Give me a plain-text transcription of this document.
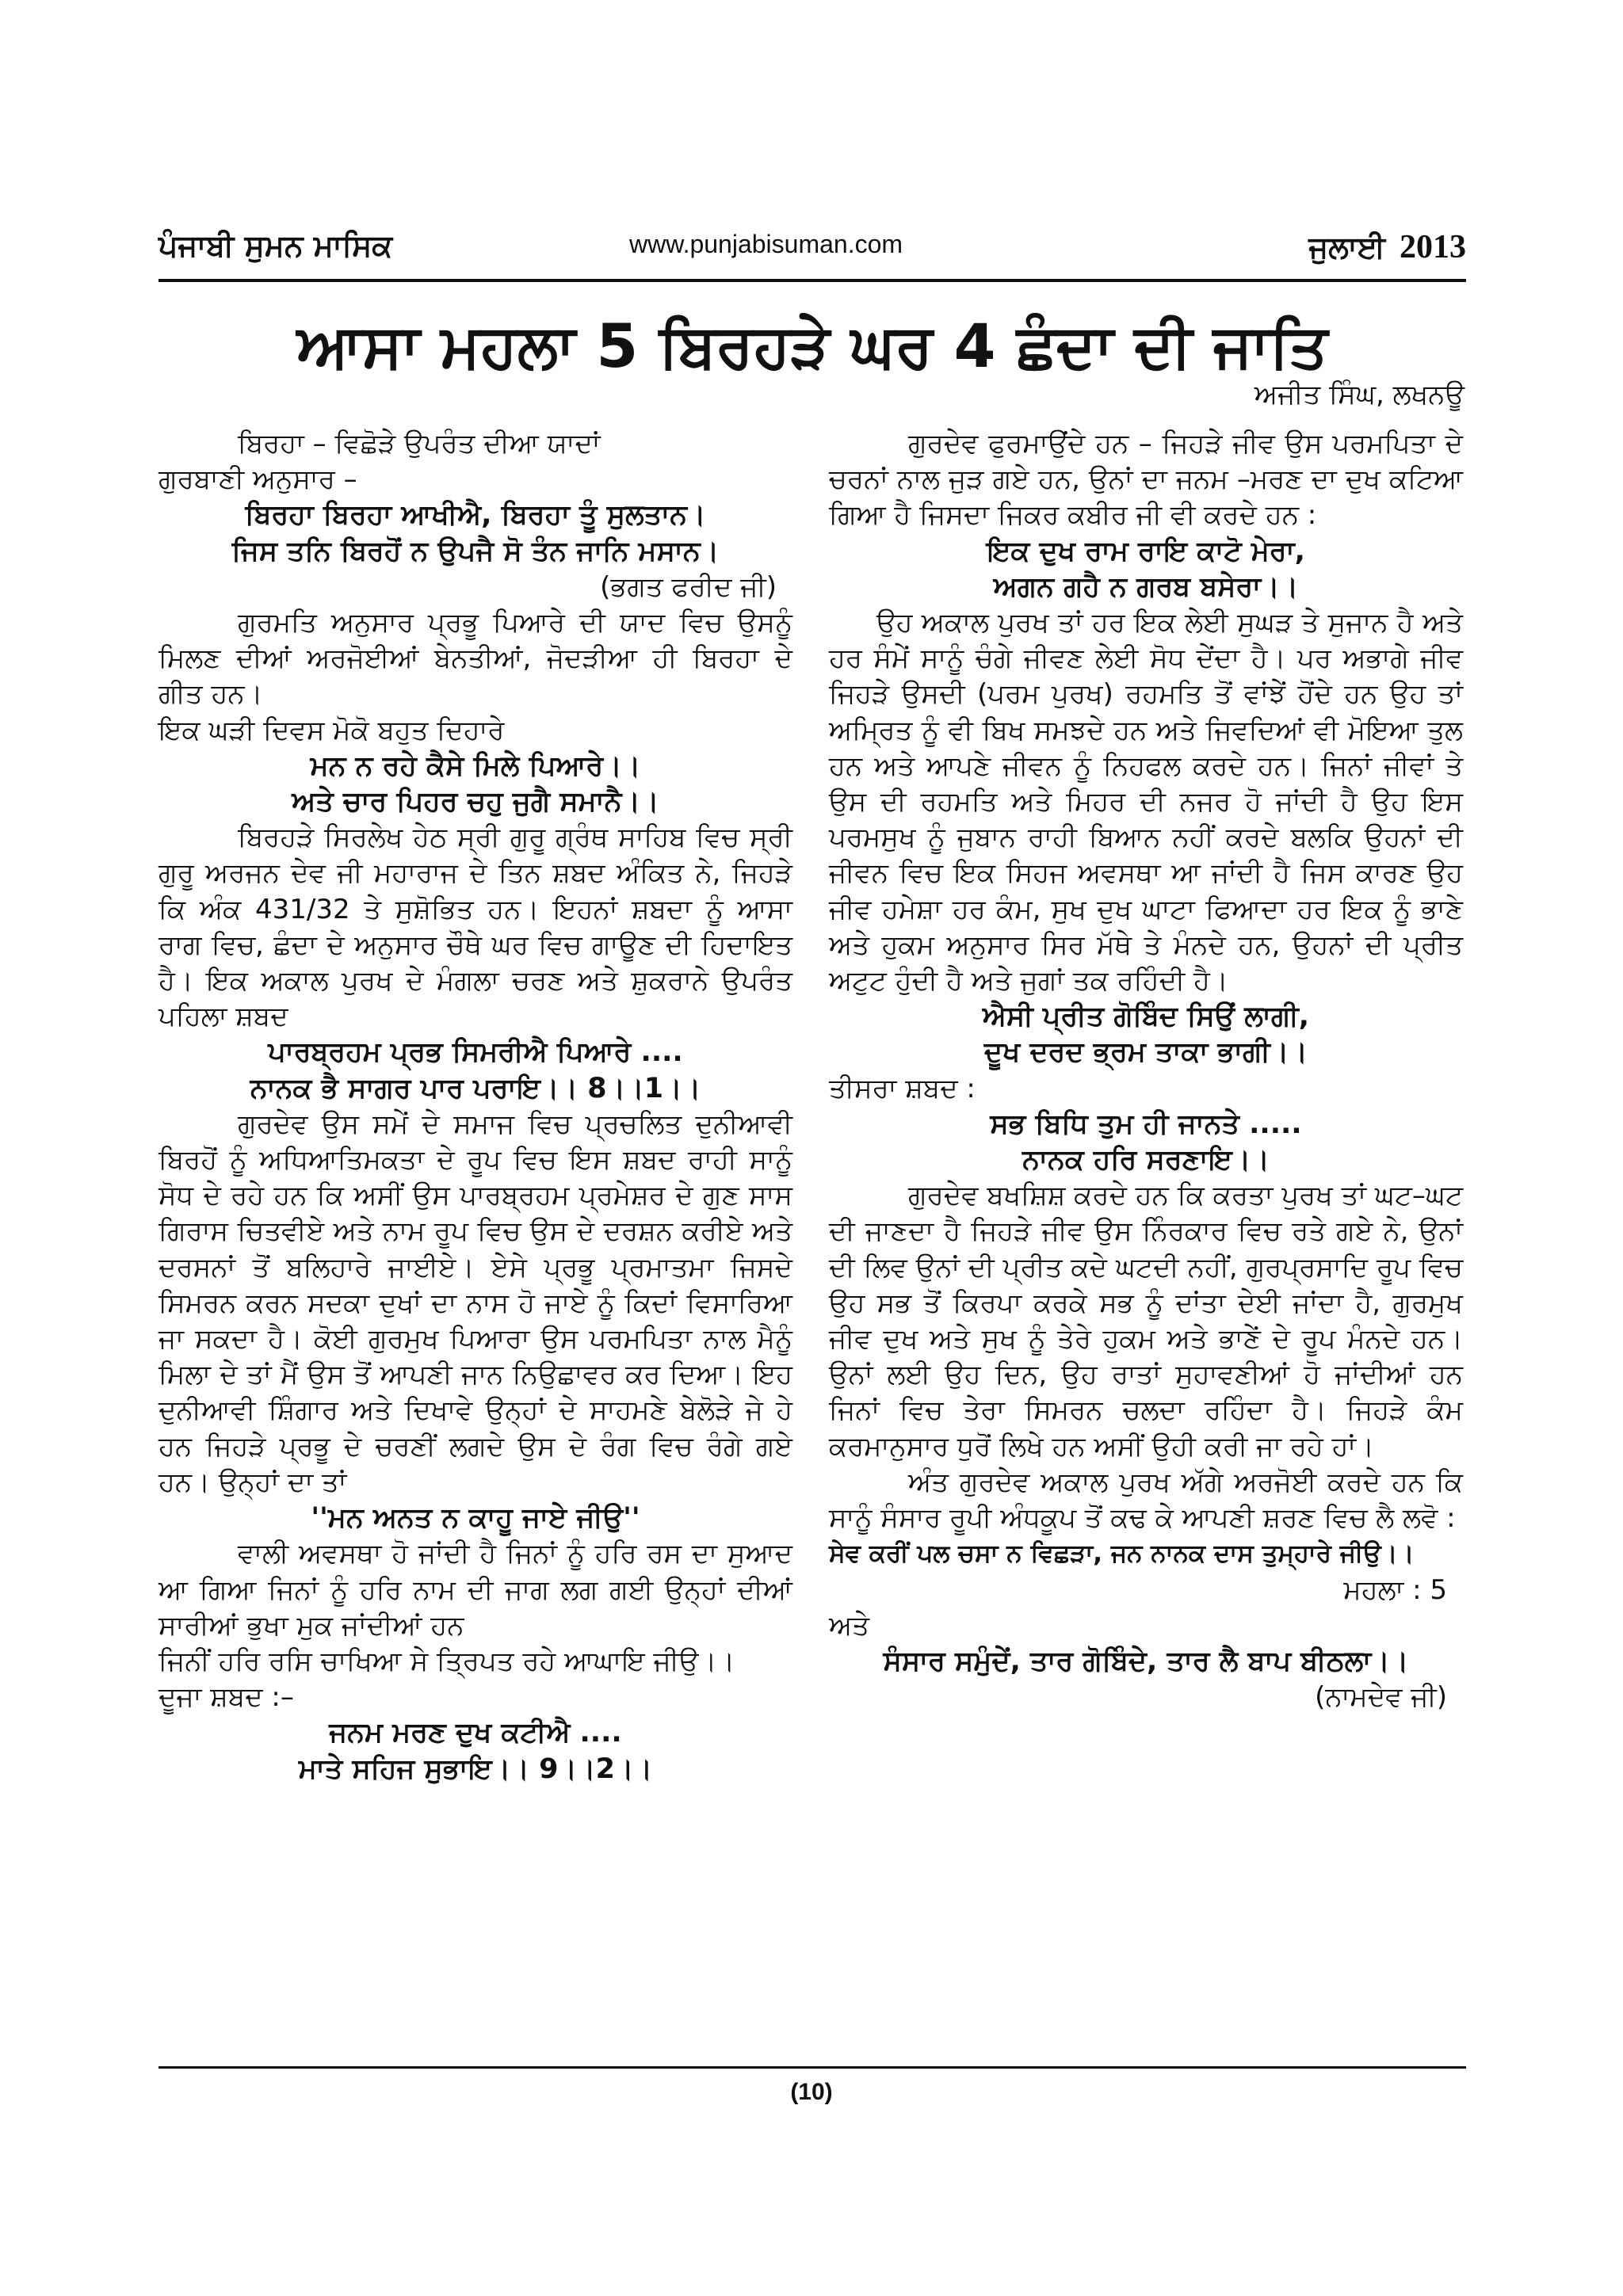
ਪੰਜਾਬੀ ਸੁਮਨ ਮਾਸਿਕ	www.punjabisuman.com	ਜੁਲਾਈ 2013
ਆਸਾ ਮਹਲਾ 5 ਬਿਰਹੜੇ ਘਰ 4 ਛੰਦਾ ਦੀ ਜਾਤਿ
ਅਜੀਤ ਸਿੰਘ, ਲਖਨਊ

ਬਿਰਹਾ – ਵਿਛੋੜੇ ਉਪਰੰਤ ਦੀਆ ਯਾਦਾਂ

ਗੁਰਬਾਣੀ ਅਨੁਸਾਰ –

ਬਿਰਹਾ ਬਿਰਹਾ ਆਖੀਐ, ਬਿਰਹਾ ਤੂੰ ਸੁਲਤਾਨ।
ਜਿਸ ਤਨਿ ਬਿਰਹੋਂ ਨ ਉਪਜੈ ਸੋ ਤੰਨ ਜਾਨਿ ਮਸਾਨ।
(ਭਗਤ ਫਰੀਦ ਜੀ)

ਗੁਰਮਤਿ ਅਨੁਸਾਰ ਪ੍ਰਭੂ ਪਿਆਰੇ ਦੀ ਯਾਦ ਵਿਚ ਉਸਨੂੰ ਮਿਲਣ ਦੀਆਂ ਅਰਜੋਈਆਂ ਬੇਨਤੀਆਂ, ਜੋਦੜੀਆ ਹੀ ਬਿਰਹਾ ਦੇ ਗੀਤ ਹਨ।

ਇਕ ਘੜੀ ਦਿਵਸ ਮੋਕੋ ਬਹੁਤ ਦਿਹਾਰੇ

ਮਨ ਨ ਰਹੇ ਕੈਸੇ ਮਿਲੇ ਪਿਆਰੇ।।
ਅਤੇ ਚਾਰ ਪਿਹਰ ਚਹੁ ਜੁਗੈ ਸਮਾਨੈ।।

ਬਿਰਹੜੇ ਸਿਰਲੇਖ ਹੇਠ ਸ੍ਰੀ ਗੁਰੂ ਗ੍ਰੰਥ ਸਾਹਿਬ ਵਿਚ ਸ੍ਰੀ ਗੁਰੂ ਅਰਜਨ ਦੇਵ ਜੀ ਮਹਾਰਾਜ ਦੇ ਤਿਨ ਸ਼ਬਦ ਅੰਕਿਤ ਨੇ, ਜਿਹੜੇ ਕਿ ਅੰਕ 431/32 ਤੇ ਸੁਸ਼ੋਭਿਤ ਹਨ। ਇਹਨਾਂ ਸ਼ਬਦਾ ਨੂੰ ਆਸਾ ਰਾਗ ਵਿਚ, ਛੰਦਾ ਦੇ ਅਨੁਸਾਰ ਚੌਥੇ ਘਰ ਵਿਚ ਗਾਊਣ ਦੀ ਹਿਦਾਇਤ ਹੈ। ਇਕ ਅਕਾਲ ਪੁਰਖ ਦੇ ਮੰਗਲਾ ਚਰਣ ਅਤੇ ਸ਼ੁਕਰਾਨੇ ਉਪਰੰਤ ਪਹਿਲਾ ਸ਼ਬਦ

ਪਾਰਬ੍ਰਹਮ ਪ੍ਰਭ ਸਿਮਰੀਐ ਪਿਆਰੇ ....
ਨਾਨਕ ਭੈ ਸਾਗਰ ਪਾਰ ਪਰਾਇ।। 8।।1।।

ਗੁਰਦੇਵ ਉਸ ਸਮੇਂ ਦੇ ਸਮਾਜ ਵਿਚ ਪ੍ਰਚਲਿਤ ਦੁਨੀਆਵੀ ਬਿਰਹੋਂ ਨੂੰ ਅਧਿਆਤਿਮਕਤਾ ਦੇ ਰੂਪ ਵਿਚ ਇਸ ਸ਼ਬਦ ਰਾਹੀ ਸਾਨੂੰ ਸੋਧ ਦੇ ਰਹੇ ਹਨ ਕਿ ਅਸੀਂ ਉਸ ਪਾਰਬ੍ਰਹਮ ਪ੍ਰਮੇਸ਼ਰ ਦੇ ਗੁਣ ਸਾਸ ਗਿਰਾਸ ਚਿਤਵੀਏ ਅਤੇ ਨਾਮ ਰੂਪ ਵਿਚ ਉਸ ਦੇ ਦਰਸ਼ਨ ਕਰੀਏ ਅਤੇ ਦਰਸਨਾਂ ਤੋਂ ਬਲਿਹਾਰੇ ਜਾਈਏ। ਏਸੇ ਪ੍ਰਭੂ ਪ੍ਰਮਾਤਮਾ ਜਿਸਦੇ ਸਿਮਰਨ ਕਰਨ ਸਦਕਾ ਦੁਖਾਂ ਦਾ ਨਾਸ ਹੋ ਜਾਏ ਨੂੰ ਕਿਦਾਂ ਵਿਸਾਰਿਆ ਜਾ ਸਕਦਾ ਹੈ। ਕੋਈ ਗੁਰਮੁਖ ਪਿਆਰਾ ਉਸ ਪਰਮਪਿਤਾ ਨਾਲ ਮੈਨੂੰ ਮਿਲਾ ਦੇ ਤਾਂ ਮੈਂ ਉਸ ਤੋਂ ਆਪਣੀ ਜਾਨ ਨਿਉਛਾਵਰ ਕਰ ਦਿਆ। ਇਹ ਦੁਨੀਆਵੀ ਸ਼ਿੰਗਾਰ ਅਤੇ ਦਿਖਾਵੇ ਉਨ੍ਹਾਂ ਦੇ ਸਾਹਮਣੇ ਬੇਲੋੜੇ ਜੇ ਹੇ ਹਨ ਜਿਹੜੇ ਪ੍ਰਭੂ ਦੇ ਚਰਣੀਂ ਲਗਦੇ ਉਸ ਦੇ ਰੰਗ ਵਿਚ ਰੰਗੇ ਗਏ ਹਨ। ਉਨ੍ਹਾਂ ਦਾ ਤਾਂ

''ਮਨ ਅਨਤ ਨ ਕਾਹੂ ਜਾਏ ਜੀਉ''

ਵਾਲੀ ਅਵਸਥਾ ਹੋ ਜਾਂਦੀ ਹੈ ਜਿਨਾਂ ਨੂੰ ਹਰਿ ਰਸ ਦਾ ਸੁਆਦ ਆ ਗਿਆ ਜਿਨਾਂ ਨੂੰ ਹਰਿ ਨਾਮ ਦੀ ਜਾਗ ਲਗ ਗਈ ਉਨ੍ਹਾਂ ਦੀਆਂ ਸਾਰੀਆਂ ਭੁਖਾ ਮੁਕ ਜਾਂਦੀਆਂ ਹਨ

ਜਿਨੀਂ ਹਰਿ ਰਸਿ ਚਾਖਿਆ ਸੇ ਤ੍ਰਿਪਤ ਰਹੇ ਆਘਾਇ ਜੀਉ।।

ਦੂਜਾ ਸ਼ਬਦ :–

ਜਨਮ ਮਰਣ ਦੁਖ ਕਟੀਐ ....
ਮਾਤੇ ਸਹਿਜ ਸੁਭਾਇ।। 9।।2।।

ਗੁਰਦੇਵ ਫੁਰਮਾਉਂਦੇ ਹਨ – ਜਿਹੜੇ ਜੀਵ ਉਸ ਪਰਮਪਿਤਾ ਦੇ ਚਰਨਾਂ ਨਾਲ ਜੁੜ ਗਏ ਹਨ, ਉਨਾਂ ਦਾ ਜਨਮ –ਮਰਣ ਦਾ ਦੁਖ ਕਟਿਆ ਗਿਆ ਹੈ ਜਿਸਦਾ ਜਿਕਰ ਕਬੀਰ ਜੀ ਵੀ ਕਰਦੇ ਹਨ :

ਇਕ ਦੁਖ ਰਾਮ ਰਾਇ ਕਾਟੋ ਮੇਰਾ,
ਅਗਨ ਗਹੈ ਨ ਗਰਬ ਬਸੇਰਾ।।

ਉਹ ਅਕਾਲ ਪੁਰਖ ਤਾਂ ਹਰ ਇਕ ਲੇਈ ਸੁਘੜ ਤੇ ਸੁਜਾਨ ਹੈ ਅਤੇ ਹਰ ਸੰਮੇਂ ਸਾਨੂੰ ਚੰਗੇ ਜੀਵਣ ਲੇਈ ਸੋਧ ਦੇਂਦਾ ਹੈ। ਪਰ ਅਭਾਗੇ ਜੀਵ ਜਿਹੜੇ ਉਸਦੀ (ਪਰਮ ਪੁਰਖ) ਰਹਮਤਿ ਤੋਂ ਵਾਂਝੇਂ ਹੋਂਦੇ ਹਨ ਉਹ ਤਾਂ ਅਮ੍ਰਿਤ ਨੂੰ ਵੀ ਬਿਖ ਸਮਝਦੇ ਹਨ ਅਤੇ ਜਿਵਦਿਆਂ ਵੀ ਮੋਇਆ ਤੁਲ ਹਨ ਅਤੇ ਆਪਣੇ ਜੀਵਨ ਨੂੰ ਨਿਹਫਲ ਕਰਦੇ ਹਨ। ਜਿਨਾਂ ਜੀਵਾਂ ਤੇ ਉਸ ਦੀ ਰਹਮਤਿ ਅਤੇ ਮਿਹਰ ਦੀ ਨਜਰ ਹੋ ਜਾਂਦੀ ਹੈ ਉਹ ਇਸ ਪਰਮਸੁਖ ਨੂੰ ਜੁਬਾਨ ਰਾਹੀ ਬਿਆਨ ਨਹੀਂ ਕਰਦੇ ਬਲਕਿ ਉਹਨਾਂ ਦੀ ਜੀਵਨ ਵਿਚ ਇਕ ਸਿਹਜ ਅਵਸਥਾ ਆ ਜਾਂਦੀ ਹੈ ਜਿਸ ਕਾਰਣ ਉਹ ਜੀਵ ਹਮੇਸ਼ਾ ਹਰ ਕੰਮ, ਸੁਖ ਦੁਖ ਘਾਟਾ ਫਿਆਦਾ ਹਰ ਇਕ ਨੂੰ ਭਾਣੇ ਅਤੇ ਹੁਕਮ ਅਨੁਸਾਰ ਸਿਰ ਮੱਥੇ ਤੇ ਮੰਨਦੇ ਹਨ, ਉਹਨਾਂ ਦੀ ਪ੍ਰੀਤ ਅਟੁਟ ਹੁੰਦੀ ਹੈ ਅਤੇ ਜੁਗਾਂ ਤਕ ਰਹਿੰਦੀ ਹੈ।

ਐਸੀ ਪ੍ਰੀਤ ਗੋਬਿੰਦ ਸਿਉਂ ਲਾਗੀ,
ਦੂਖ ਦਰਦ ਭ੍ਰਮ ਤਾਕਾ ਭਾਗੀ।।

ਤੀਸਰਾ ਸ਼ਬਦ :

ਸਭ ਬਿਧਿ ਤੁਮ ਹੀ ਜਾਨਤੇ .....
ਨਾਨਕ ਹਰਿ ਸਰਣਾਇ।।

ਗੁਰਦੇਵ ਬਖਸ਼ਿਸ਼ ਕਰਦੇ ਹਨ ਕਿ ਕਰਤਾ ਪੁਰਖ ਤਾਂ ਘਟ–ਘਟ ਦੀ ਜਾਣਦਾ ਹੈ ਜਿਹੜੇ ਜੀਵ ਉਸ ਨਿੰਰਕਾਰ ਵਿਚ ਰਤੇ ਗਏ ਨੇ, ਉਨਾਂ ਦੀ ਲਿਵ ਉਨਾਂ ਦੀ ਪ੍ਰੀਤ ਕਦੇ ਘਟਦੀ ਨਹੀਂ, ਗੁਰਪ੍ਰਸਾਦਿ ਰੂਪ ਵਿਚ ਉਹ ਸਭ ਤੋਂ ਕਿਰਪਾ ਕਰਕੇ ਸਭ ਨੂੰ ਦਾਂਤਾ ਦੇਈ ਜਾਂਦਾ ਹੈ, ਗੁਰਮੁਖ ਜੀਵ ਦੁਖ ਅਤੇ ਸੁਖ ਨੂੰ ਤੇਰੇ ਹੁਕਮ ਅਤੇ ਭਾਣੇਂ ਦੇ ਰੂਪ ਮੰਨਦੇ ਹਨ। ਉਨਾਂ ਲਈ ਉਹ ਦਿਨ, ਉਹ ਰਾਤਾਂ ਸੁਹਾਵਣੀਆਂ ਹੋ ਜਾਂਦੀਆਂ ਹਨ ਜਿਨਾਂ ਵਿਚ ਤੇਰਾ ਸਿਮਰਨ ਚਲਦਾ ਰਹਿੰਦਾ ਹੈ। ਜਿਹੜੇ ਕੰਮ ਕਰਮਾਨੁਸਾਰ ਧੁਰੋਂ ਲਿਖੇ ਹਨ ਅਸੀਂ ਉਹੀ ਕਰੀ ਜਾ ਰਹੇ ਹਾਂ।

ਅੰਤ ਗੁਰਦੇਵ ਅਕਾਲ ਪੁਰਖ ਅੱਗੇ ਅਰਜੋਈ ਕਰਦੇ ਹਨ ਕਿ ਸਾਨੂੰ ਸੰਸਾਰ ਰੂਪੀ ਅੰਧਕੂਪ ਤੋਂ ਕਢ ਕੇ ਆਪਣੀ ਸ਼ਰਣ ਵਿਚ ਲੈ ਲਵੋ :

ਸੇਵ ਕਰੀਂ ਪਲ ਚਸਾ ਨ ਵਿਛੜਾ, ਜਨ ਨਾਨਕ ਦਾਸ ਤੁਮ੍ਹਾਰੇ ਜੀਉ।।
ਮਹਲਾ : 5

ਅਤੇ

ਸੰਸਾਰ ਸਮੁੰਦੇਂ, ਤਾਰ ਗੋਬਿੰਦੇ, ਤਾਰ ਲੈ ਬਾਪ ਬੀਠਲਾ।।
(ਨਾਮਦੇਵ ਜੀ)
(10)
